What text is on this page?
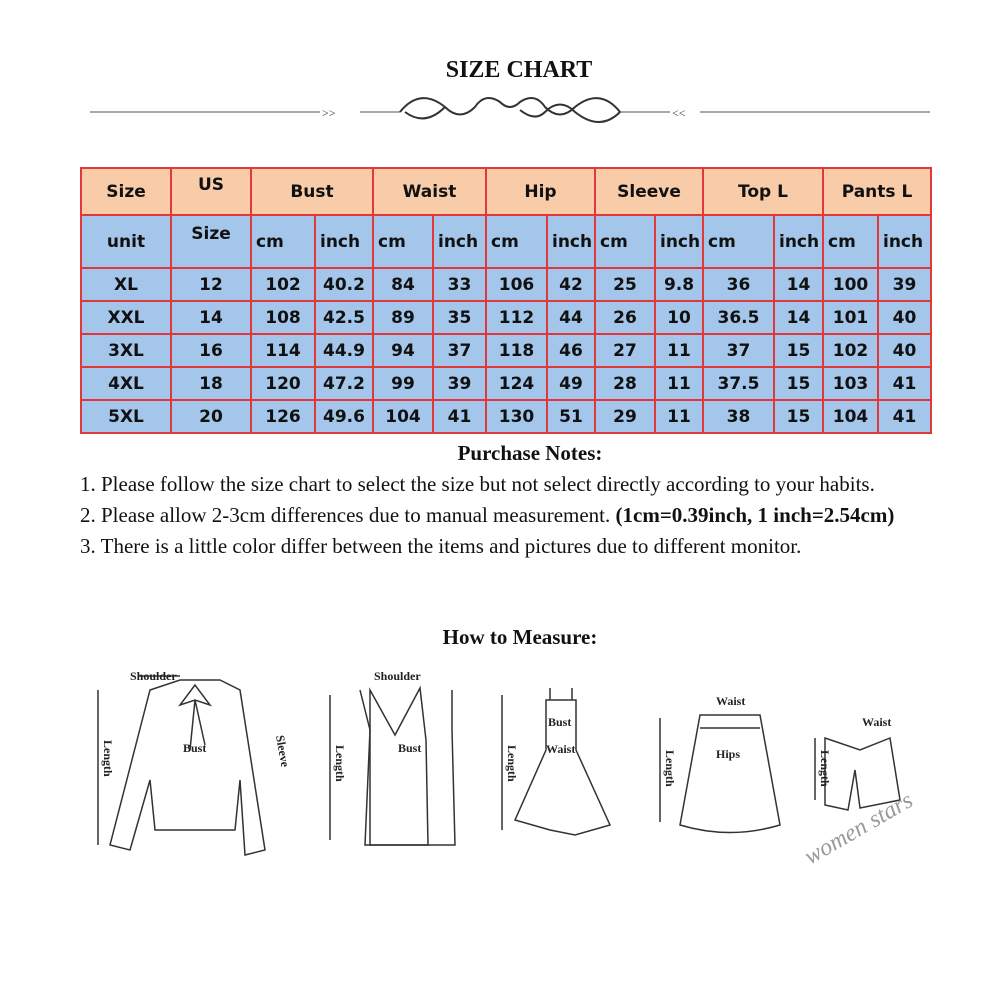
SIZE CHART
>>	<<
Size	US	Bust		Waist		Hip		Sleeve		Top L		Pants L	
unit	Size	cm	inch	cm	inch	cm	inch	cm	inch	cm	inch	cm	inch
XL	12	102	40.2	84	33	106	42	25	9.8	36	14	100	39
XXL	14	108	42.5	89	35	112	44	26	10	36.5	14	101	40
3XL	16	114	44.9	94	37	118	46	27	11	37	15	102	40
4XL	18	120	47.2	99	39	124	49	28	11	37.5	15	103	41
5XL	20	126	49.6	104	41	130	51	29	11	38	15	104	41
Purchase Notes:
1. Please follow the size chart to select the size but not select directly according to your habits.
2. Please allow 2-3cm differences due to manual measurement. (1cm=0.39inch, 1 inch=2.54cm)
3. There is a little color differ between the items and pictures due to different monitor.
How to Measure:
Shoulder
Bust
Length	Sleeve
Shoulder
Bust
Length
Bust
Waist
Length
Waist
Hips
Length
Waist
Length
women stars
